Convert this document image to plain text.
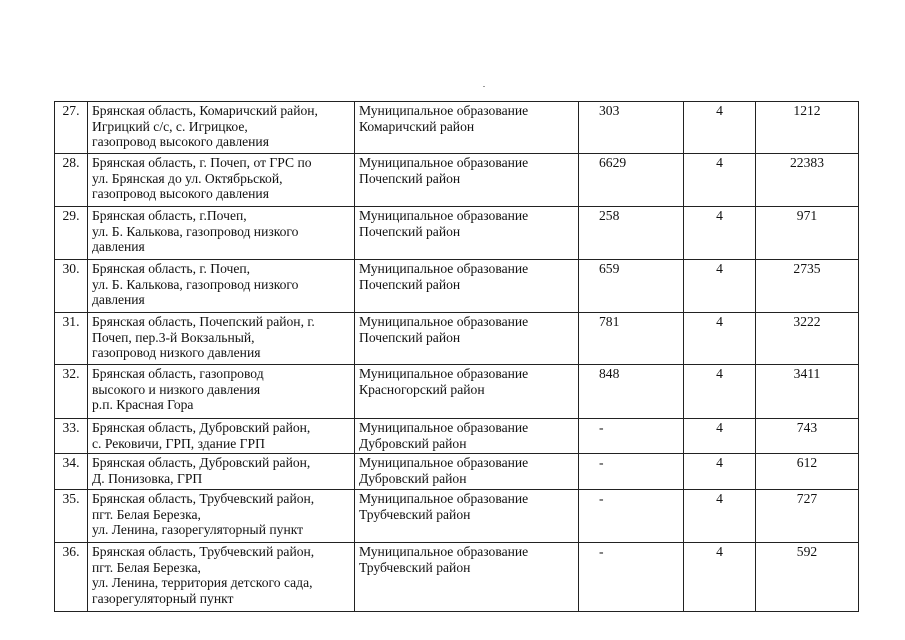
27.	Брянская область, Комаричский район,
Игрицкий с/с, с. Игрицкое,
газопровод высокого давления	Муниципальное образование
Комаричский район	303	4	1212
28.	Брянская область, г. Почеп, от ГРС по
ул. Брянская до ул. Октябрьской,
газопровод высокого давления	Муниципальное образование
Почепский район	6629	4	22383
29.	Брянская область, г.Почеп,
ул. Б. Калькова, газопровод низкого
давления	Муниципальное образование
Почепский район	258	4	971
30.	Брянская область, г. Почеп,
ул. Б. Калькова, газопровод низкого
давления	Муниципальное образование
Почепский район	659	4	2735
31.	Брянская область, Почепский район, г.
Почеп, пер.3-й Вокзальный,
газопровод низкого давления	Муниципальное образование
Почепский район	781	4	3222
32.	Брянская область, газопровод
высокого и низкого давления
р.п. Красная Гора	Муниципальное образование
Красногорский район	848	4	3411
33.	Брянская область, Дубровский район,
с. Рековичи, ГРП, здание ГРП	Муниципальное образование
Дубровский район	-	4	743
34.	Брянская область, Дубровский район,
Д. Понизовка, ГРП	Муниципальное образование
Дубровский район	-	4	612
35.	Брянская область, Трубчевский район,
пгт. Белая Березка,
ул. Ленина, газорегуляторный пункт	Муниципальное образование
Трубчевский район	-	4	727
36.	Брянская область, Трубчевский район,
пгт. Белая Березка,
ул. Ленина, территория детского сада,
газорегуляторный пункт	Муниципальное образование
Трубчевский район	-	4	592
